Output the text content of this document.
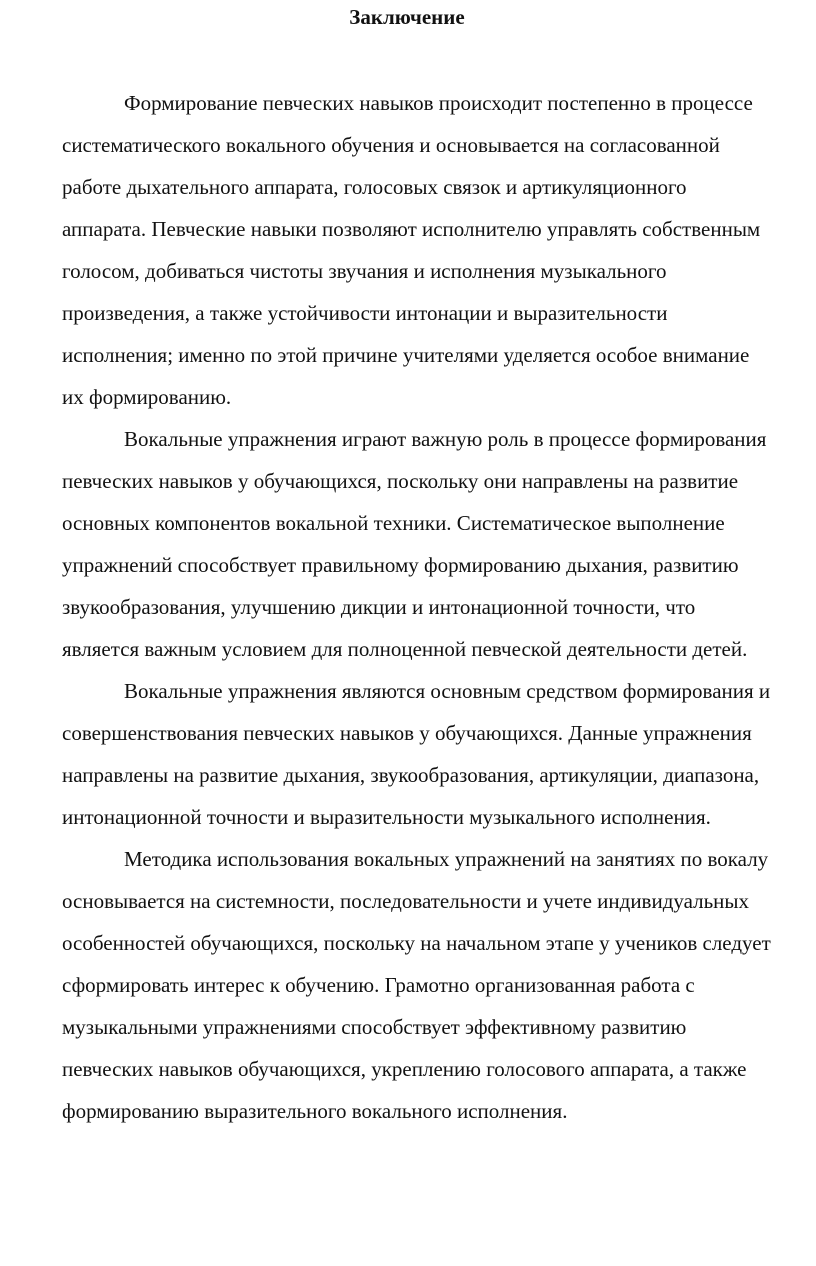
Заключение

Формирование певческих навыков происходит постепенно в процессе
систематического вокального обучения и основывается на согласованной
работе дыхательного аппарата, голосовых связок и артикуляционного
аппарата. Певческие навыки позволяют исполнителю управлять собственным
голосом, добиваться чистоты звучания и исполнения музыкального
произведения, а также устойчивости интонации и выразительности
исполнения; именно по этой причине учителями уделяется особое внимание
их формированию.

Вокальные упражнения играют важную роль в процессе формирования
певческих навыков у обучающихся, поскольку они направлены на развитие
основных компонентов вокальной техники. Систематическое выполнение
упражнений способствует правильному формированию дыхания, развитию
звукообразования, улучшению дикции и интонационной точности, что
является важным условием для полноценной певческой деятельности детей.

Вокальные упражнения являются основным средством формирования и
совершенствования певческих навыков у обучающихся. Данные упражнения
направлены на развитие дыхания, звукообразования, артикуляции, диапазона,
интонационной точности и выразительности музыкального исполнения.

Методика использования вокальных упражнений на занятиях по вокалу
основывается на системности, последовательности и учете индивидуальных
особенностей обучающихся, поскольку на начальном этапе у учеников следует
сформировать интерес к обучению. Грамотно организованная работа с
музыкальными упражнениями способствует эффективному развитию
певческих навыков обучающихся, укреплению голосового аппарата, а также
формированию выразительного вокального исполнения.
